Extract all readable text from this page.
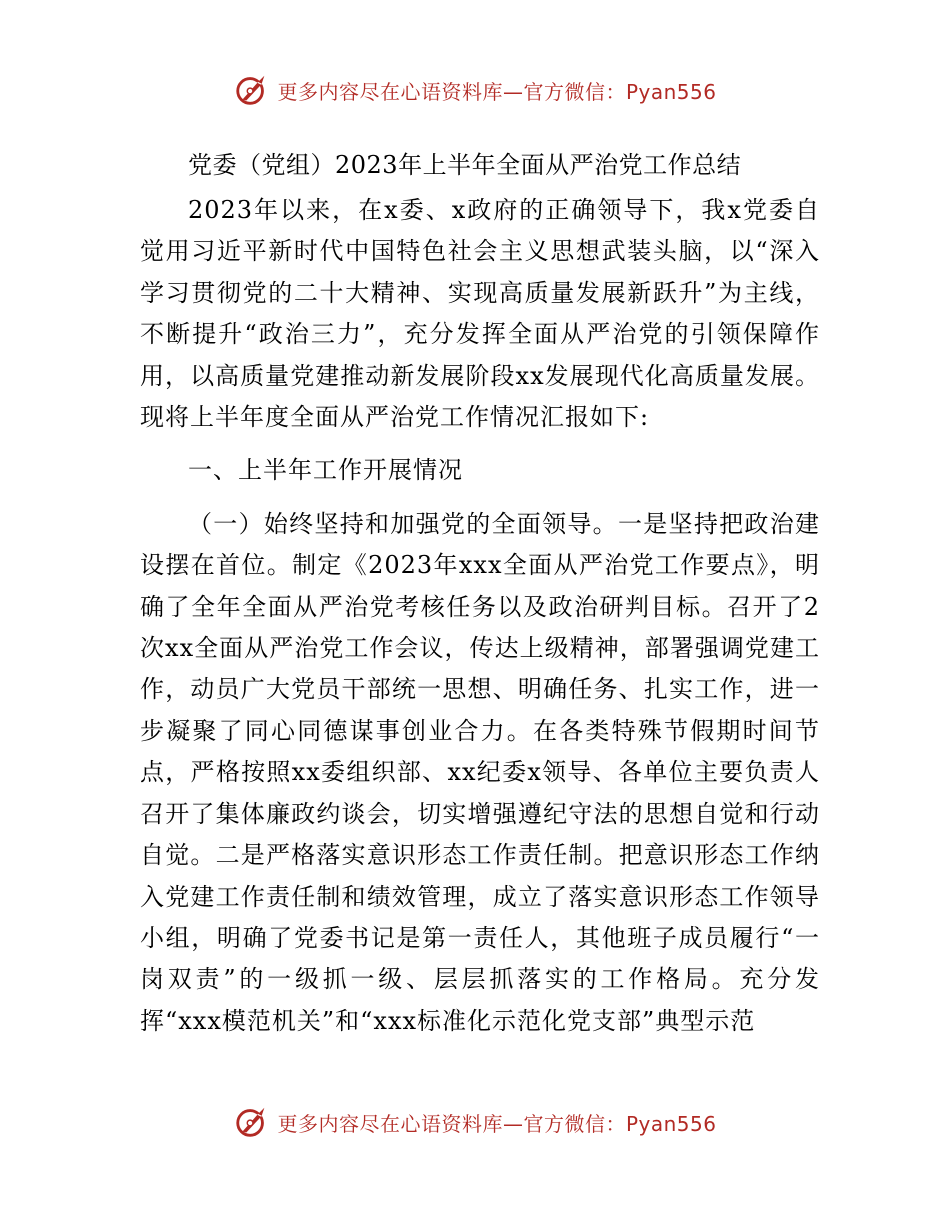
更多内容尽在心语资料库—官方微信：Pyan556
党委（党组）2023年上半年全面从严治党工作总结

2023年以来，在x委、x政府的正确领导下，我x党委自觉用习近平新时代中国特色社会主义思想武装头脑，以“深入学习贯彻党的二十大精神、实现高质量发展新跃升”为主线，不断提升“政治三力”，充分发挥全面从严治党的引领保障作用，以高质量党建推动新发展阶段xx发展现代化高质量发展。现将上半年度全面从严治党工作情况汇报如下:

一、上半年工作开展情况

（一）始终坚持和加强党的全面领导。一是坚持把政治建设摆在首位。制定《2023年xxx全面从严治党工作要点》，明确了全年全面从严治党考核任务以及政治研判目标。召开了2次xx全面从严治党工作会议，传达上级精神，部署强调党建工作，动员广大党员干部统一思想、明确任务、扎实工作，进一步凝聚了同心同德谋事创业合力。在各类特殊节假期时间节点，严格按照xx委组织部、xx纪委x领导、各单位主要负责人召开了集体廉政约谈会，切实增强遵纪守法的思想自觉和行动自觉。二是严格落实意识形态工作责任制。把意识形态工作纳入党建工作责任制和绩效管理，成立了落实意识形态工作领导小组，明确了党委书记是第一责任人，其他班子成员履行“一岗双责”的一级抓一级、层层抓落实的工作格局。充分发挥“xxx模范机关”和“xxx标准化示范化党支部”典型示范

更多内容尽在心语资料库—官方微信：Pyan556
